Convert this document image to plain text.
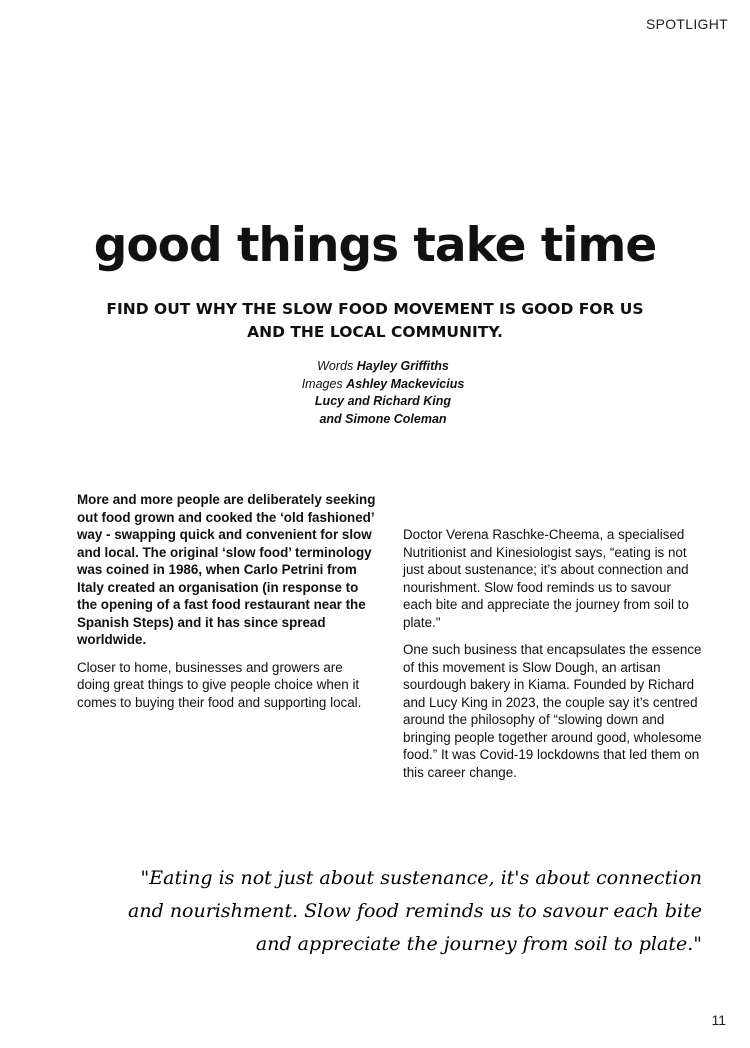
SPOTLIGHT
good things take time
FIND OUT WHY THE SLOW FOOD MOVEMENT IS GOOD FOR US AND THE LOCAL COMMUNITY.
Words Hayley Griffiths
Images Ashley Mackevicius
Lucy and Richard King
and Simone Coleman

More and more people are deliberately seeking out food grown and cooked the ‘old fashioned’ way - swapping quick and convenient for slow and local. The original ‘slow food’ terminology was coined in 1986, when Carlo Petrini from Italy created an organisation (in response to the opening of a fast food restaurant near the Spanish Steps) and it has since spread worldwide.

Closer to home, businesses and growers are doing great things to give people choice when it comes to buying their food and supporting local.

Doctor Verena Raschke-Cheema, a specialised Nutritionist and Kinesiologist says, “eating is not just about sustenance; it’s about connection and nourishment. Slow food reminds us to savour each bite and appreciate the journey from soil to plate."

One such business that encapsulates the essence of this movement is Slow Dough, an artisan sourdough bakery in Kiama. Founded by Richard and Lucy King in 2023, the couple say it’s centred around the philosophy of “slowing down and bringing people together around good, wholesome food.” It was Covid-19 lockdowns that led them on this career change.

"Eating is not just about sustenance, it's about connection
and nourishment. Slow food reminds us to savour each bite
and appreciate the journey from soil to plate."
11
